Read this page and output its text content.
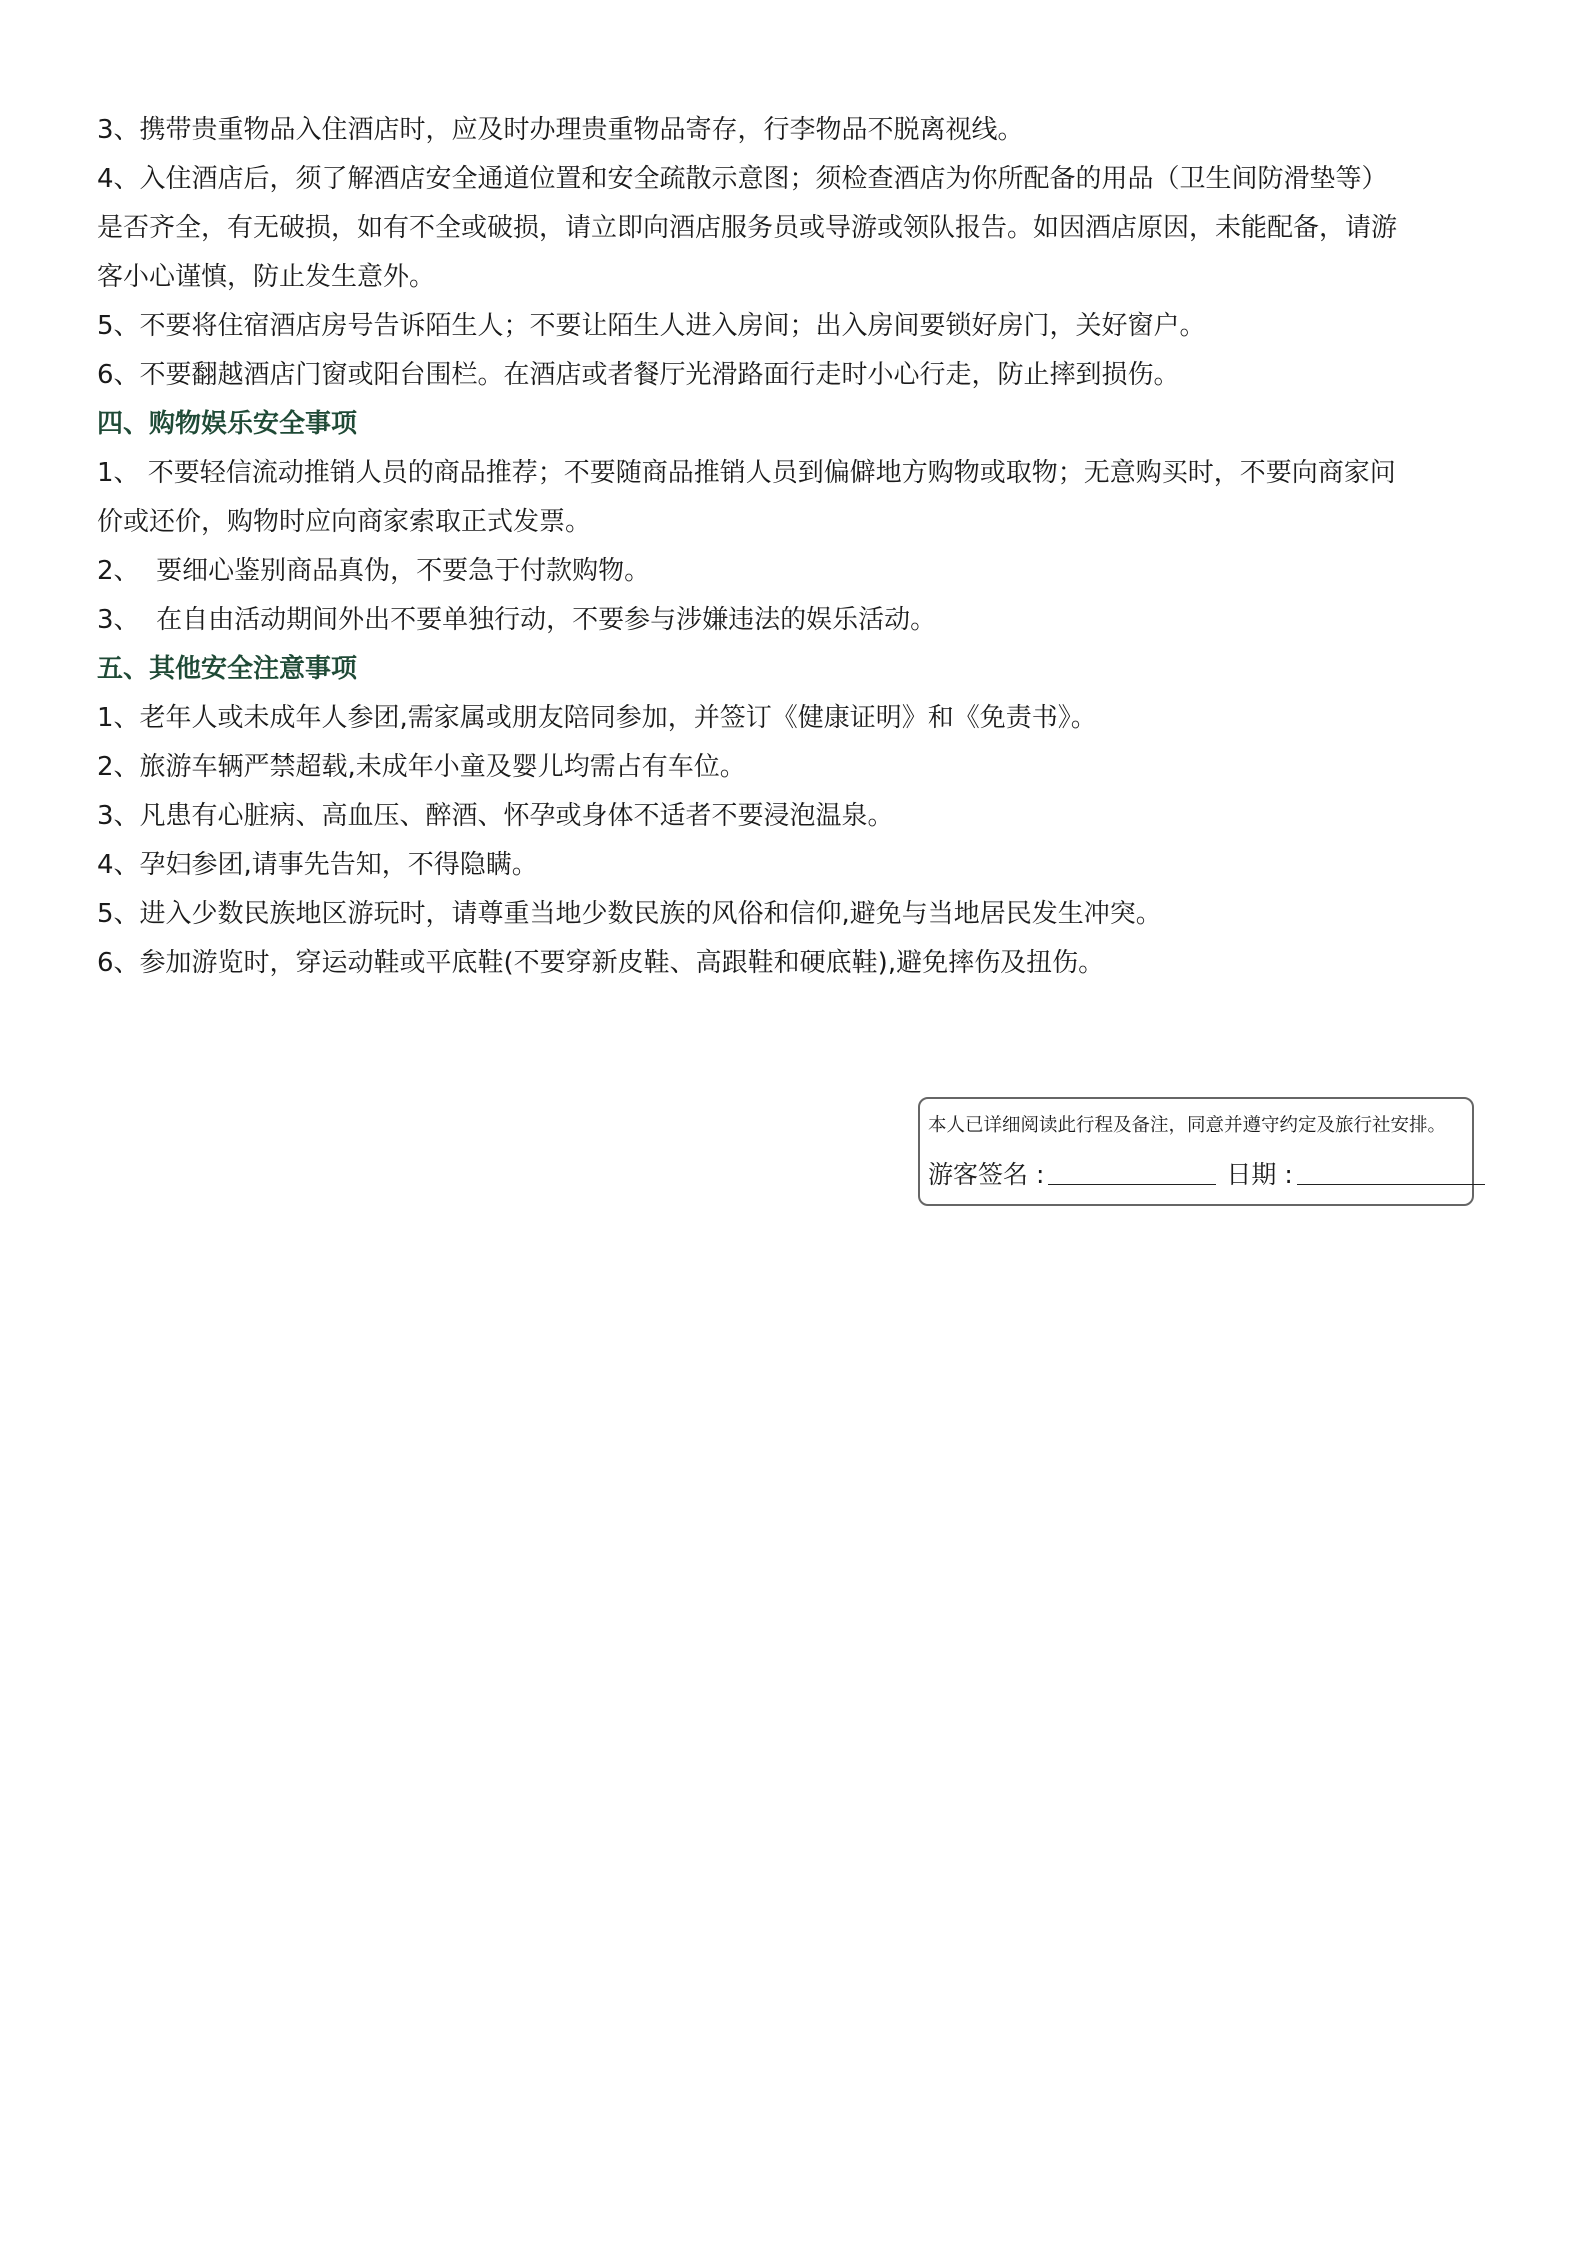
3、携带贵重物品入住酒店时，应及时办理贵重物品寄存，行李物品不脱离视线。
4、入住酒店后，须了解酒店安全通道位置和安全疏散示意图；须检查酒店为你所配备的用品（卫生间防滑垫等）
是否齐全，有无破损，如有不全或破损，请立即向酒店服务员或导游或领队报告。如因酒店原因，未能配备，请游
客小心谨慎，防止发生意外。
5、不要将住宿酒店房号告诉陌生人；不要让陌生人进入房间；出入房间要锁好房门，关好窗户。
6、不要翻越酒店门窗或阳台围栏。在酒店或者餐厅光滑路面行走时小心行走，防止摔到损伤。
四、购物娱乐安全事项
1、 不要轻信流动推销人员的商品推荐；不要随商品推销人员到偏僻地方购物或取物；无意购买时，不要向商家问
价或还价，购物时应向商家索取正式发票。
2、  要细心鉴别商品真伪，不要急于付款购物。
3、  在自由活动期间外出不要单独行动，不要参与涉嫌违法的娱乐活动。
五、其他安全注意事项
1、老年人或未成年人参团,需家属或朋友陪同参加，并签订《健康证明》和《免责书》。
2、旅游车辆严禁超载,未成年小童及婴儿均需占有车位。
3、凡患有心脏病、高血压、醉酒、怀孕或身体不适者不要浸泡温泉。
4、孕妇参团,请事先告知，不得隐瞒。
5、进入少数民族地区游玩时，请尊重当地少数民族的风俗和信仰,避免与当地居民发生冲突。
6、参加游览时，穿运动鞋或平底鞋(不要穿新皮鞋、高跟鞋和硬底鞋),避免摔伤及扭伤。
本人已详细阅读此行程及备注，同意并遵守约定及旅行社安排。
游客签名 :	日期 :
